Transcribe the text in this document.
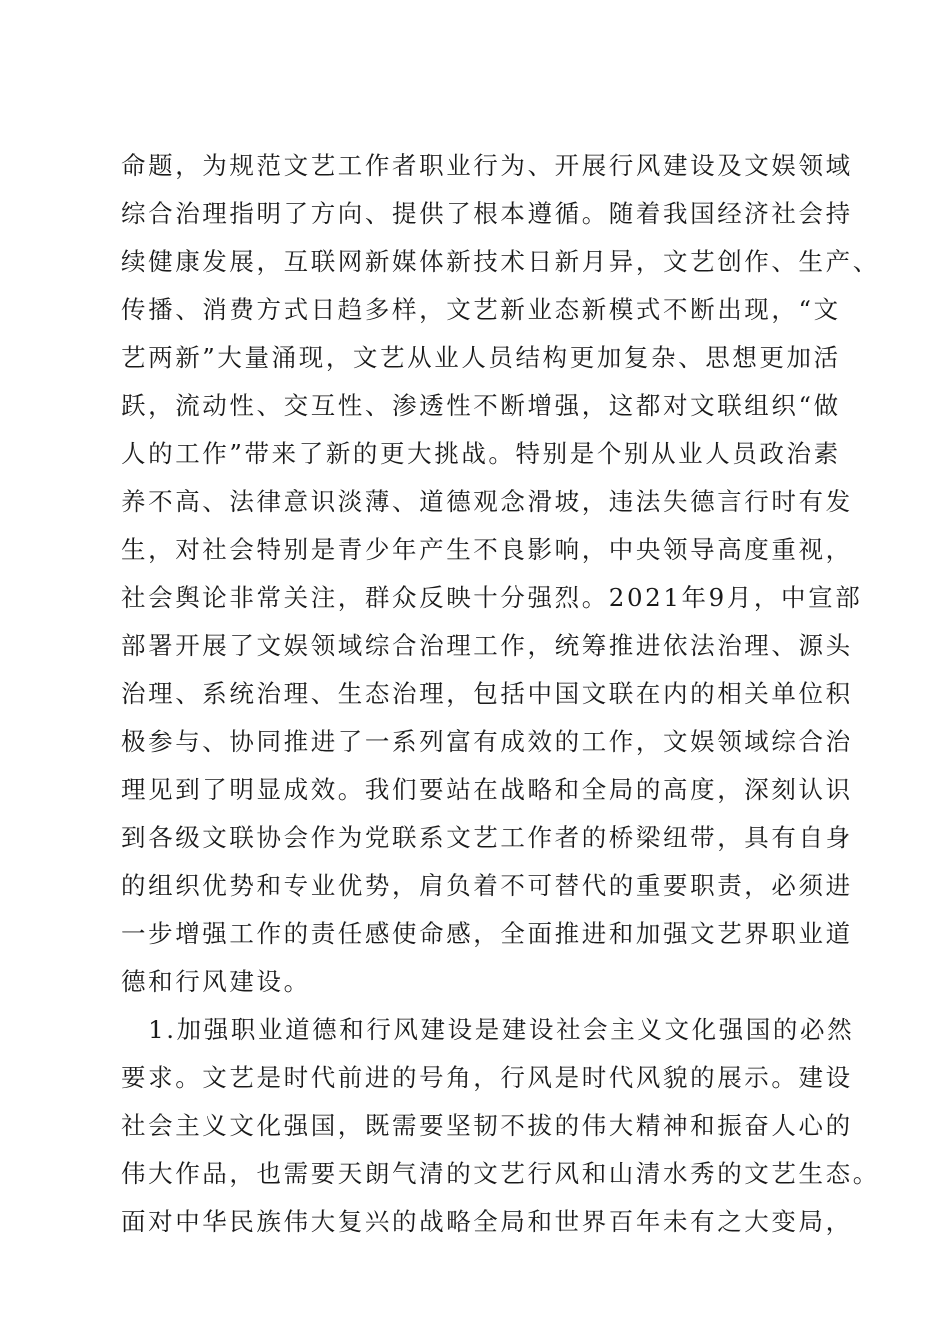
命题，为规范文艺工作者职业行为、开展行风建设及文娱领域
综合治理指明了方向、提供了根本遵循。随着我国经济社会持
续健康发展，互联网新媒体新技术日新月异，文艺创作、生产、
传播、消费方式日趋多样，文艺新业态新模式不断出现，“文
艺两新”大量涌现，文艺从业人员结构更加复杂、思想更加活
跃，流动性、交互性、渗透性不断增强，这都对文联组织“做
人的工作”带来了新的更大挑战。特别是个别从业人员政治素
养不高、法律意识淡薄、道德观念滑坡，违法失德言行时有发
生，对社会特别是青少年产生不良影响，中央领导高度重视，
社会舆论非常关注，群众反映十分强烈。2021年9月，中宣部
部署开展了文娱领域综合治理工作，统筹推进依法治理、源头
治理、系统治理、生态治理，包括中国文联在内的相关单位积
极参与、协同推进了一系列富有成效的工作，文娱领域综合治
理见到了明显成效。我们要站在战略和全局的高度，深刻认识
到各级文联协会作为党联系文艺工作者的桥梁纽带，具有自身
的组织优势和专业优势，肩负着不可替代的重要职责，必须进
一步增强工作的责任感使命感，全面推进和加强文艺界职业道
德和行风建设。
　1.加强职业道德和行风建设是建设社会主义文化强国的必然
要求。文艺是时代前进的号角，行风是时代风貌的展示。建设
社会主义文化强国，既需要坚韧不拔的伟大精神和振奋人心的
伟大作品，也需要天朗气清的文艺行风和山清水秀的文艺生态。
面对中华民族伟大复兴的战略全局和世界百年未有之大变局，
